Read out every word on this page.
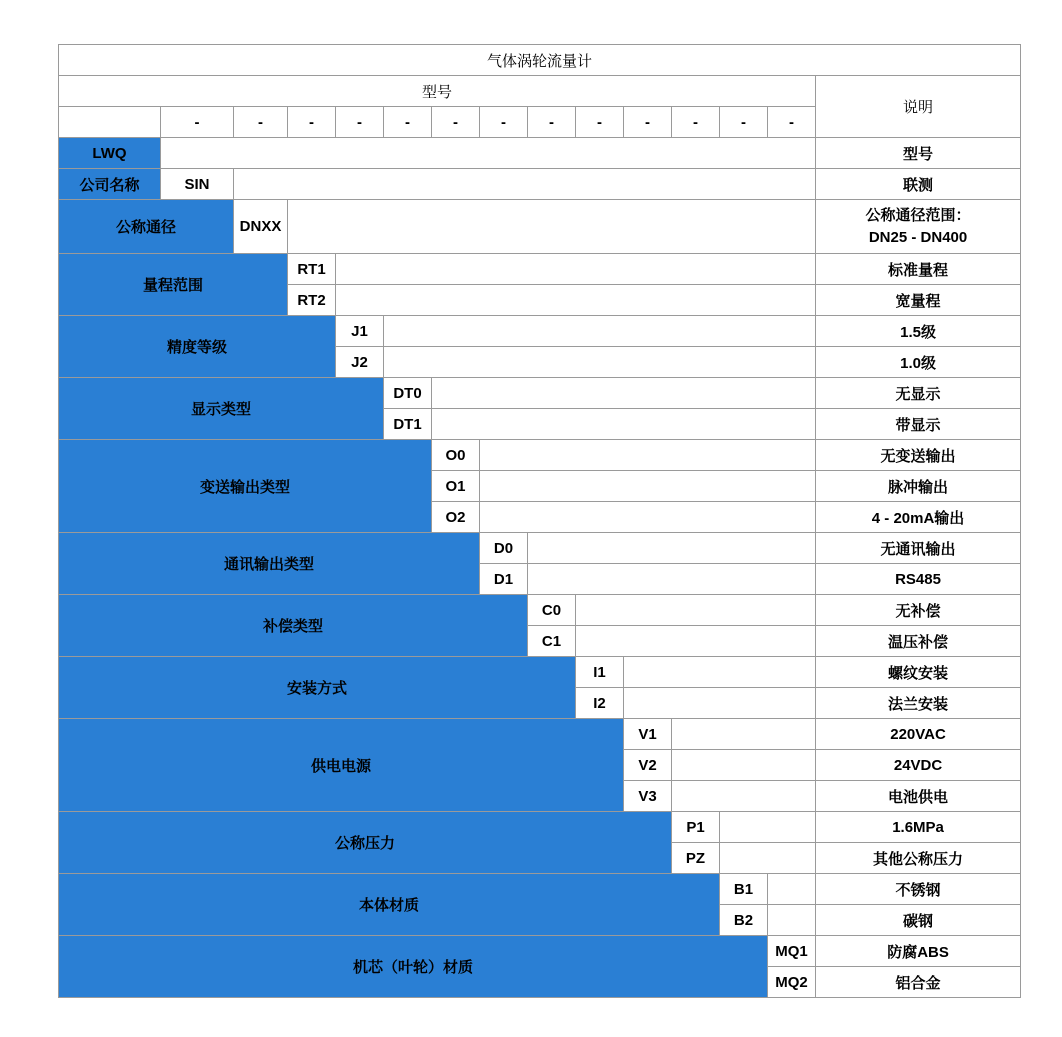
气体涡轮流量计														
型号														说明
	-	-	-	-	-	-	-	-	-	-	-	-	-	
LWQ														型号
公司名称	SIN													联测
公称通径		DNXX												公称通径范围：
DN25 - DN400

量程范围			RT1											标准量程
			RT2											宽量程
精度等级				J1										1.5级
				J2										1.0级
显示类型					DT0									无显示
					DT1									带显示
变送输出类型						O0								无变送输出
						O1								脉冲输出
						O2								4 - 20mA输出
通讯输出类型							D0							无通讯输出
							D1							RS485
补偿类型								C0						无补偿
								C1						温压补偿
安装方式									I1					螺纹安装
									I2					法兰安装
供电电源										V1				220VAC
										V2				24VDC
										V3				电池供电
公称压力											P1			1.6MPa
											PZ			其他公称压力
本体材质												B1		不锈钢
												B2		碳钢
机芯（叶轮）材质													MQ1	防腐ABS
													MQ2	铝合金
